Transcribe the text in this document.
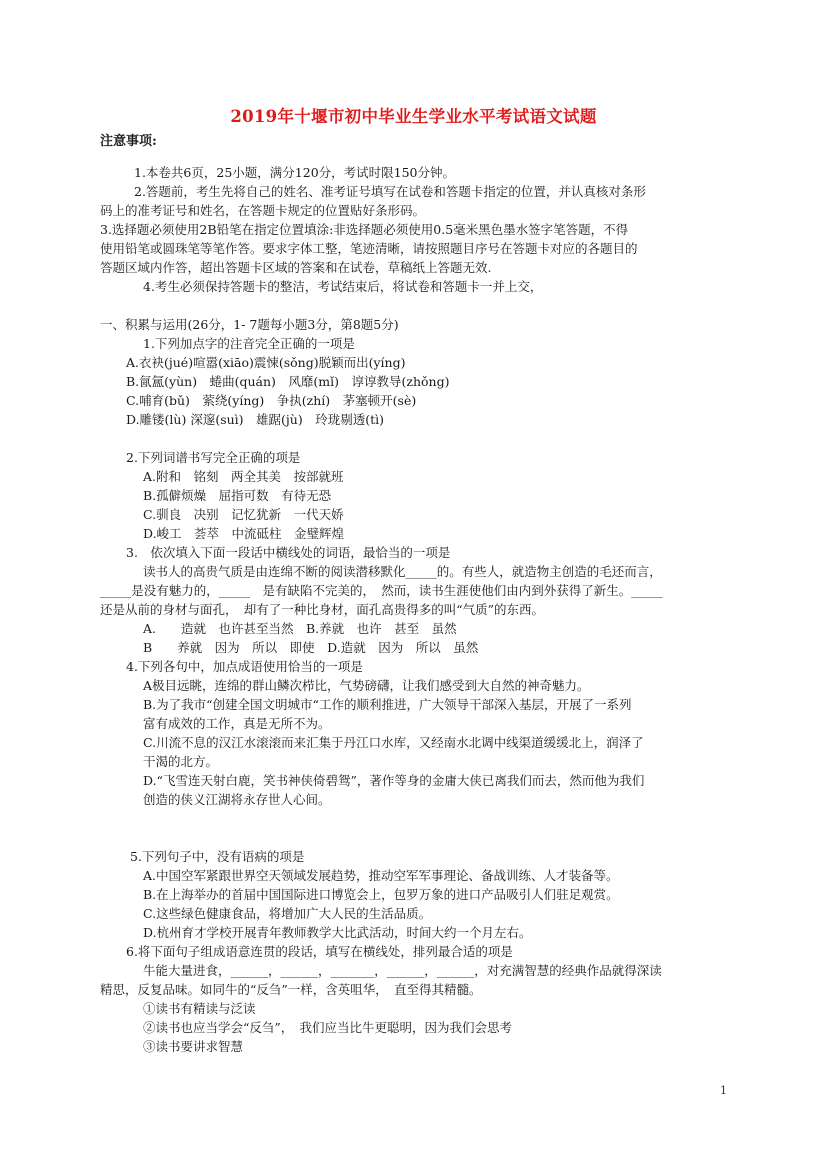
2019年十堰市初中毕业生学业水平考试语文试题
注意事项:
1.本卷共6页，25小题，满分120分，考试时限150分钟。
2.答题前，考生先将自己的姓名、准考证号填写在试卷和答题卡指定的位置，并认真核对条形
码上的准考证号和姓名，在答题卡规定的位置贴好条形码。
3.选择题必须使用2B铅笔在指定位置填涂:非选择题必须使用0.5毫米黑色墨水签字笔答题，不得
使用铅笔或圆珠笔等笔作答。要求字体工整，笔迹清晰，请按照题目序号在答题卡对应的各题目的
答题区域内作答，超出答题卡区域的答案和在试卷，草稿纸上答题无效.
4.考生必须保持答题卡的整洁，考试结束后，将试卷和答题卡一并上交，
一、积累与运用(26分，1- 7题每小题3分，第8题5分)
1.下列加点字的注音完全正确的一项是
A.衣袂(jué)喧嚣(xiāo)震悚(sǒng)脱颖而出(yíng)
B.氤氲(yùn)　蜷曲(quán)　风靡(mǐ)　谆谆教导(zhǒng)
C.哺育(bǔ)　萦绕(yíng)　争执(zhí)　茅塞顿开(sè)
D.雕镂(lù) 深邃(suì)　雄踞(jù)　玲珑剔透(tì)
2.下列词谱书写完全正确的项是
A.附和　铭刻　两全其美　按部就班
B.孤僻烦燥　屈指可数　有待无恐
C.驯良　决别　记忆犹新　一代天娇
D.峻工　荟萃　中流砥柱　金璧辉煌
3.　依次填入下面一段话中横线处的词语，最恰当的一项是
读书人的高贵气质是由连绵不断的阅读潜移默化_____的。有些人，就造物主创造的毛还而言，
_____是没有魅力的，_____　是有缺陷不完美的，　然而，读书生涯使他们由内到外获得了新生。_____
还是从前的身材与面孔，　却有了一种比身材，面孔高贵得多的叫“气质”的东西。
A.　　造就　也许甚至当然　B.养就　也许　甚至　虽然
B　　养就　因为　所以　即使　D.造就　因为　所以　虽然
4.下列各句中，加点成语使用恰当的一项是
A极目远眺，连绵的群山鳞次栉比，气势磅礴，让我们感受到大自然的神奇魅力。
B.为了我市“创建全国文明城市“工作的顺利推进，广大领导干部深入基层，开展了一系列
富有成效的工作，真是无所不为。
C.川流不息的汉江水滚滚而来汇集于丹江口水库，又经南水北调中线渠道缓缓北上，润泽了
干渴的北方。
D.“飞雪连天射白鹿，笑书神侠倚碧鸳”，著作等身的金庸大侠已离我们而去，然而他为我们
创造的侠义江湖将永存世人心间。
5.下列句子中，没有语病的项是
A.中国空军紧跟世界空天领域发展趋势，推动空军军事理论、备战训练、人才装备等。
B.在上海举办的首届中国国际进口博览会上，包罗万象的进口产品吸引人们驻足观赏。
C.这些绿色健康食品，将增加广大人民的生活品质。
D.杭州育才学校开展青年教师教学大比武活动，时间大约一个月左右。
6.将下面句子组成语意连贯的段话，填写在横线处，排列最合适的项是
牛能大量进食，______，______，_______，______，______，对充满智慧的经典作品就得深读
精思，反复品味。如同牛的“反刍”一样，含英咀华，　直至得其精髓。
①读书有精读与泛读
②读书也应当学会“反刍”，　我们应当比牛更聪明，因为我们会思考
③读书要讲求智慧
1
